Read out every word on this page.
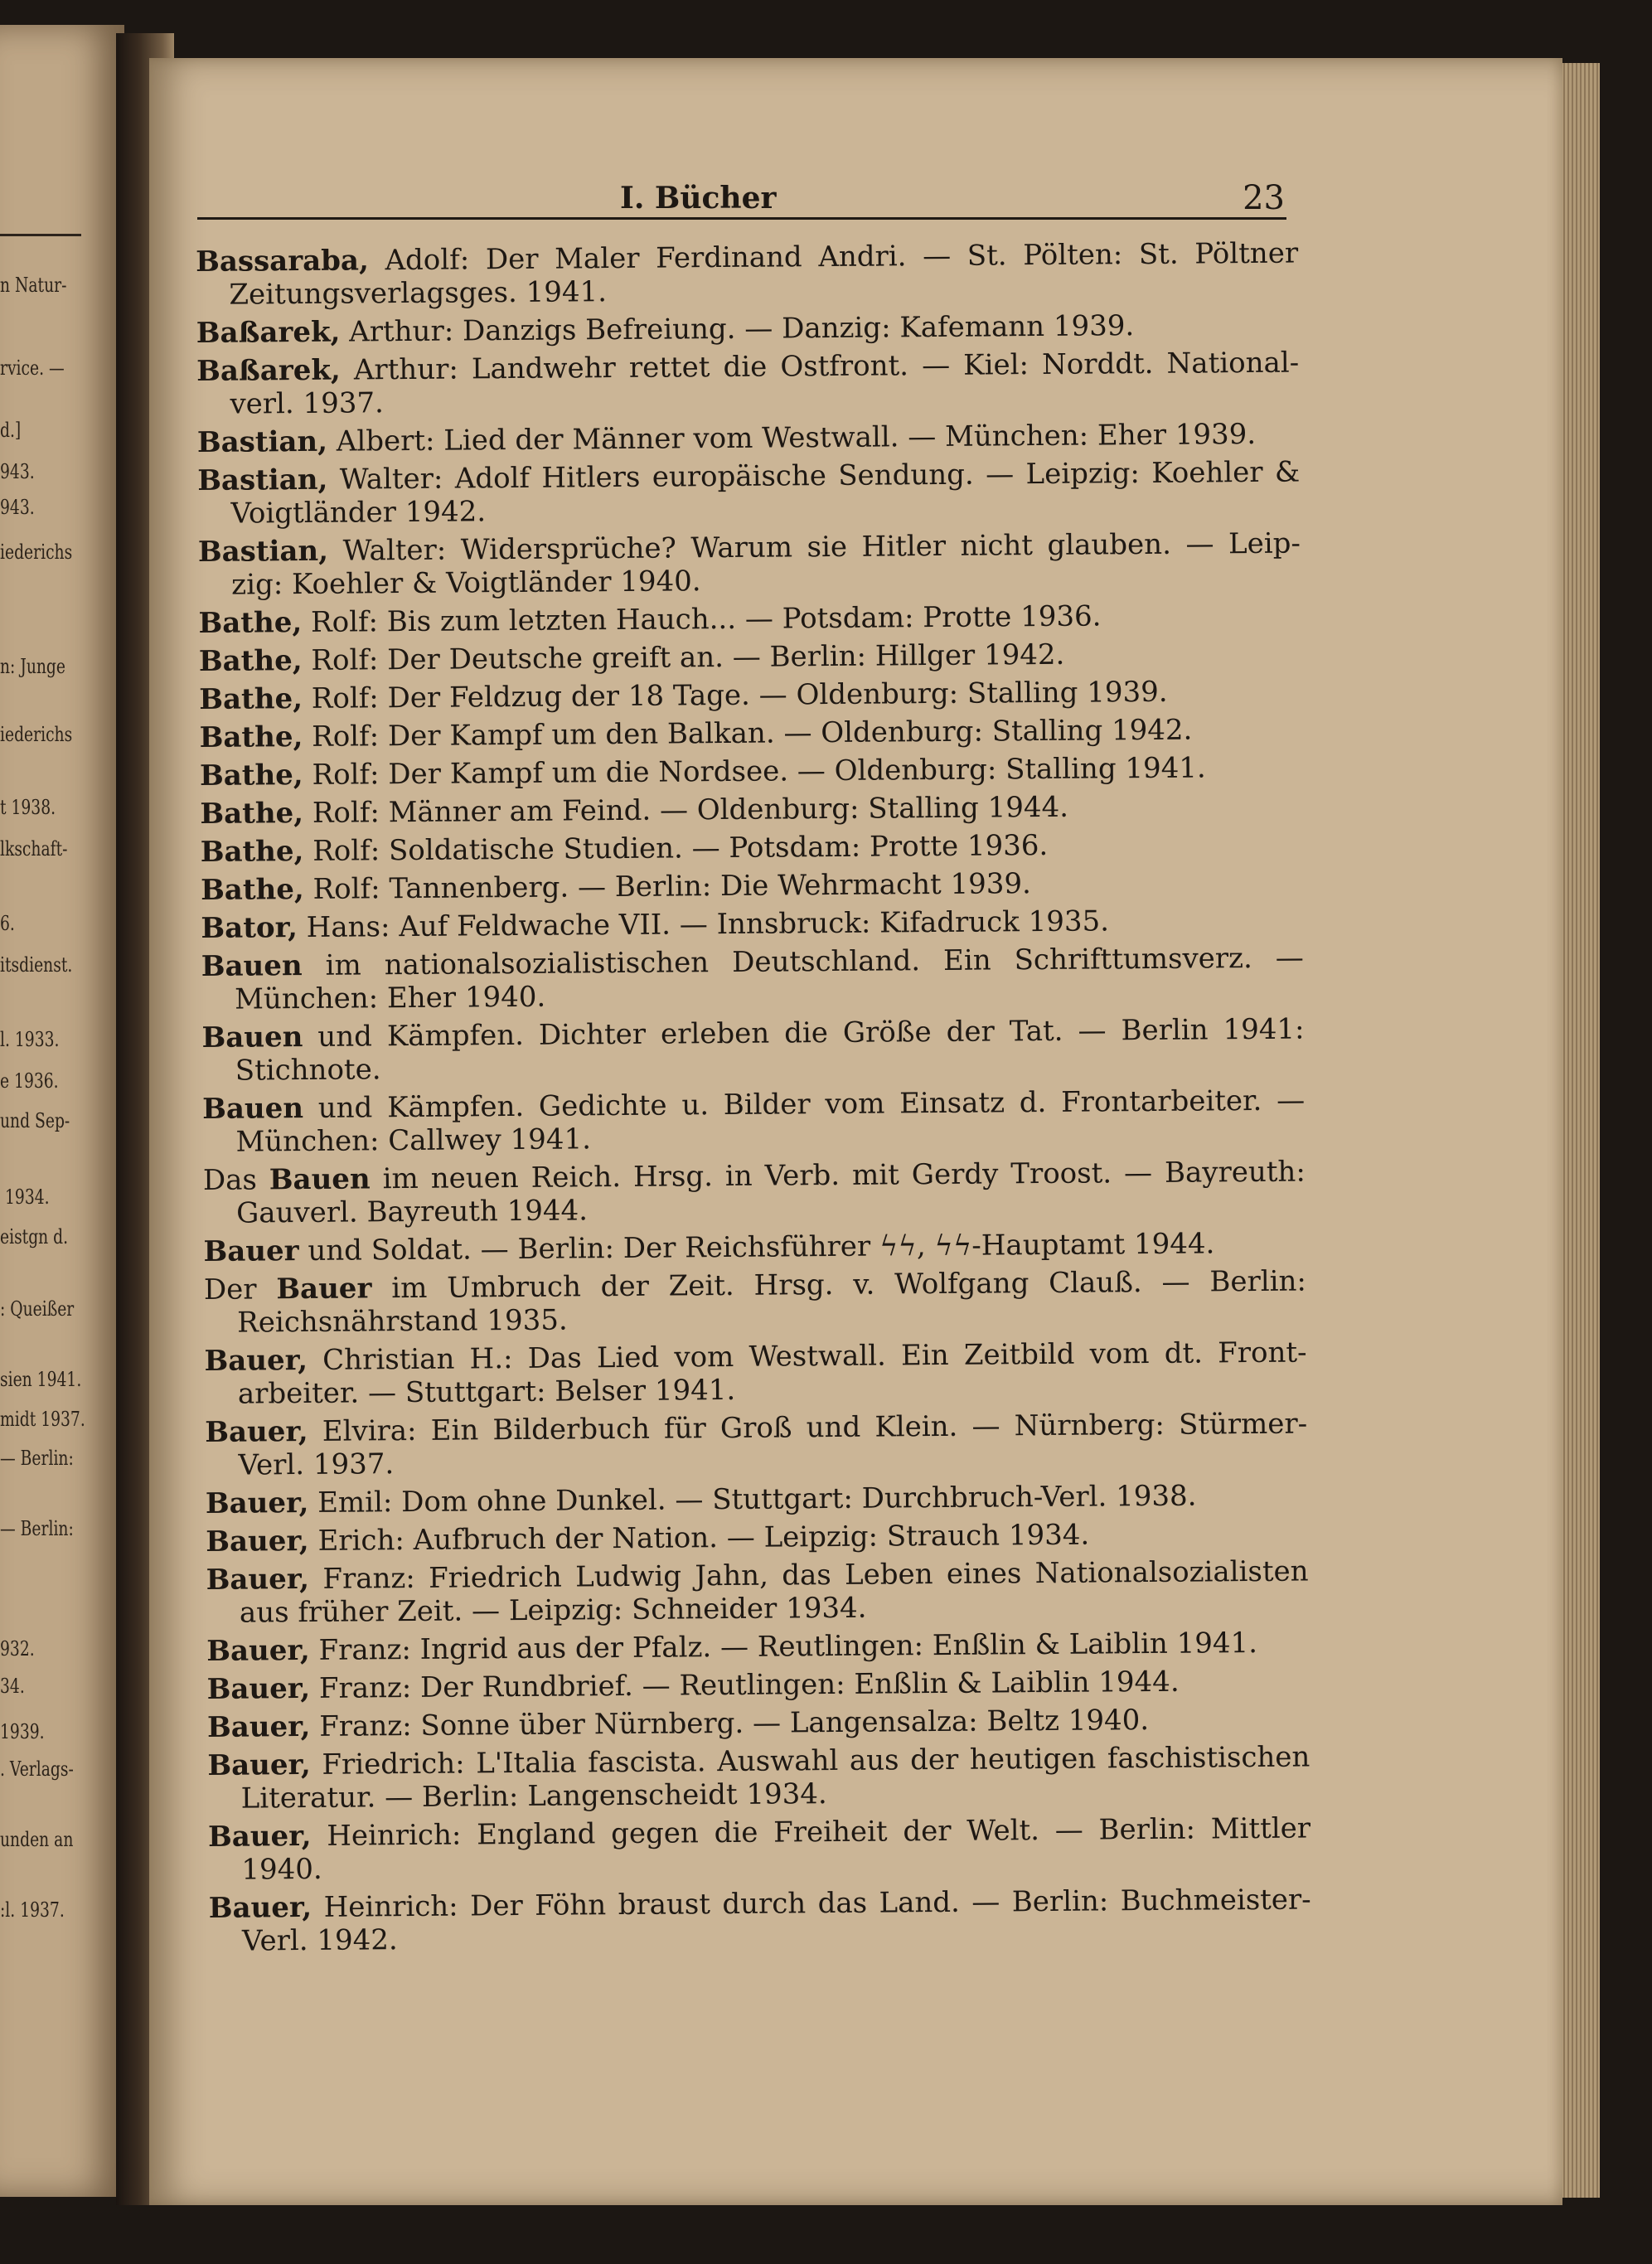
n Natur-
rvice. —
d.]
943.
943.
iederichs
n: Junge
iederichs
t 1938.
lkschaft-
6.
itsdienst.
l. 1933.
e 1936.
und Sep-
1934.
eistgn d.
: Queißer
sien 1941.
midt 1937.
— Berlin:
— Berlin:
932.
34.
1939.
. Verlags-
unden an
:l. 1937.
I. Bücher	23
Bassaraba, Adolf: Der Maler Ferdinand Andri. — St. Pölten: St. Pöltner Zeitungsverlagsges. 1941.
Baßarek, Arthur: Danzigs Befreiung. — Danzig: Kafemann 1939.
Baßarek, Arthur: Landwehr rettet die Ostfront. — Kiel: Norddt. National-verl. 1937.
Bastian, Albert: Lied der Männer vom Westwall. — München: Eher 1939.
Bastian, Walter: Adolf Hitlers europäische Sendung. — Leipzig: Koehler & Voigtländer 1942.
Bastian, Walter: Widersprüche? Warum sie Hitler nicht glauben. — Leip-zig: Koehler & Voigtländer 1940.
Bathe, Rolf: Bis zum letzten Hauch... — Potsdam: Protte 1936.
Bathe, Rolf: Der Deutsche greift an. — Berlin: Hillger 1942.
Bathe, Rolf: Der Feldzug der 18 Tage. — Oldenburg: Stalling 1939.
Bathe, Rolf: Der Kampf um den Balkan. — Oldenburg: Stalling 1942.
Bathe, Rolf: Der Kampf um die Nordsee. — Oldenburg: Stalling 1941.
Bathe, Rolf: Männer am Feind. — Oldenburg: Stalling 1944.
Bathe, Rolf: Soldatische Studien. — Potsdam: Protte 1936.
Bathe, Rolf: Tannenberg. — Berlin: Die Wehrmacht 1939.
Bator, Hans: Auf Feldwache VII. — Innsbruck: Kifadruck 1935.
Bauen im nationalsozialistischen Deutschland. Ein Schrifttumsverz. — München: Eher 1940.
Bauen und Kämpfen. Dichter erleben die Größe der Tat. — Berlin 1941: Stichnote.
Bauen und Kämpfen. Gedichte u. Bilder vom Einsatz d. Frontarbeiter. — München: Callwey 1941.
Das Bauen im neuen Reich. Hrsg. in Verb. mit Gerdy Troost. — Bayreuth: Gauverl. Bayreuth 1944.
Bauer und Soldat. — Berlin: Der Reichsführer ϟϟ, ϟϟ-Hauptamt 1944.
Der Bauer im Umbruch der Zeit. Hrsg. v. Wolfgang Clauß. — Berlin: Reichsnährstand 1935.
Bauer, Christian H.: Das Lied vom Westwall. Ein Zeitbild vom dt. Front-arbeiter. — Stuttgart: Belser 1941.
Bauer, Elvira: Ein Bilderbuch für Groß und Klein. — Nürnberg: Stürmer-Verl. 1937.
Bauer, Emil: Dom ohne Dunkel. — Stuttgart: Durchbruch-Verl. 1938.
Bauer, Erich: Aufbruch der Nation. — Leipzig: Strauch 1934.
Bauer, Franz: Friedrich Ludwig Jahn, das Leben eines Nationalsozialisten aus früher Zeit. — Leipzig: Schneider 1934.
Bauer, Franz: Ingrid aus der Pfalz. — Reutlingen: Enßlin & Laiblin 1941.
Bauer, Franz: Der Rundbrief. — Reutlingen: Enßlin & Laiblin 1944.
Bauer, Franz: Sonne über Nürnberg. — Langensalza: Beltz 1940.
Bauer, Friedrich: L'Italia fascista. Auswahl aus der heutigen faschistischen Literatur. — Berlin: Langenscheidt 1934.
Bauer, Heinrich: England gegen die Freiheit der Welt. — Berlin: Mittler 1940.
Bauer, Heinrich: Der Föhn braust durch das Land. — Berlin: Buchmeister-Verl. 1942.
